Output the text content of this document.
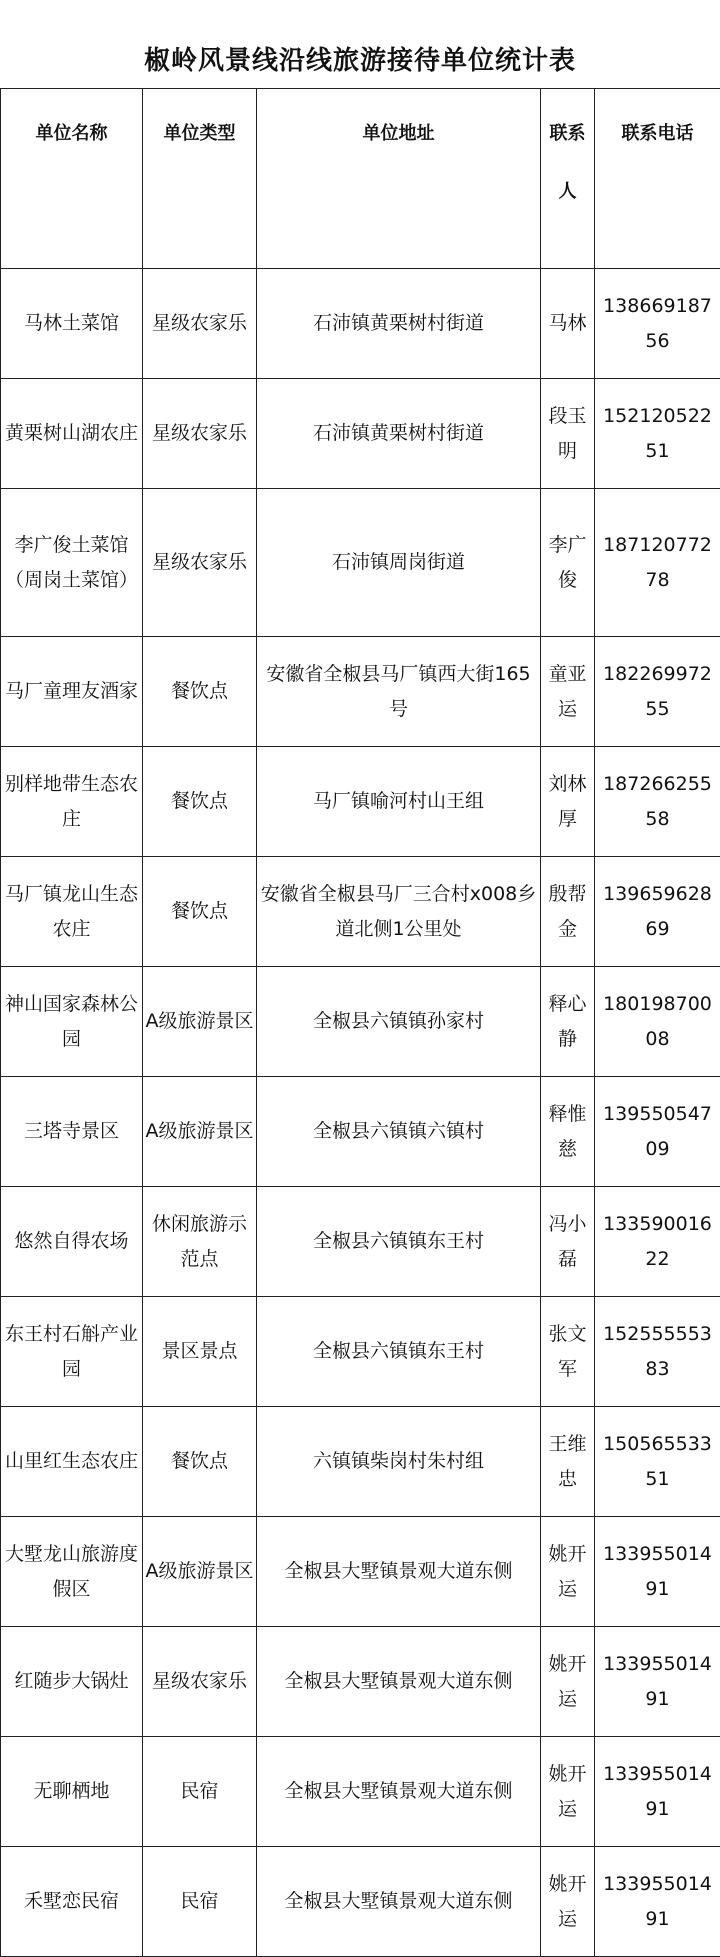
椒岭风景线沿线旅游接待单位统计表
单位名称	单位类型	单位地址	联系人	联系电话
马林土菜馆	星级农家乐	石沛镇黄栗树村街道	马林	138669187 56
黄栗树山湖农庄	星级农家乐	石沛镇黄栗树村街道	段玉明	152120522 51
李广俊土菜馆（周岗土菜馆）	星级农家乐	石沛镇周岗街道	李广俊	187120772 78
马厂童理友酒家	餐饮点	安徽省全椒县马厂镇西大街165号	童亚运	182269972 55
别样地带生态农庄	餐饮点	马厂镇喻河村山王组	刘林厚	187266255 58
马厂镇龙山生态农庄	餐饮点	安徽省全椒县马厂三合村x008乡道北侧1公里处	殷帮金	139659628 69
神山国家森林公园	A级旅游景区	全椒县六镇镇孙家村	释心静	180198700 08
三塔寺景区	A级旅游景区	全椒县六镇镇六镇村	释惟慈	139550547 09
悠然自得农场	休闲旅游示范点	全椒县六镇镇东王村	冯小磊	133590016 22
东王村石斛产业园	景区景点	全椒县六镇镇东王村	张文军	152555553 83
山里红生态农庄	餐饮点	六镇镇柴岗村朱村组	王维忠	150565533 51
大墅龙山旅游度假区	A级旅游景区	全椒县大墅镇景观大道东侧	姚开运	133955014 91
红随步大锅灶	星级农家乐	全椒县大墅镇景观大道东侧	姚开运	133955014 91
无聊栖地	民宿	全椒县大墅镇景观大道东侧	姚开运	133955014 91
禾墅恋民宿	民宿	全椒县大墅镇景观大道东侧	姚开运	133955014 91
